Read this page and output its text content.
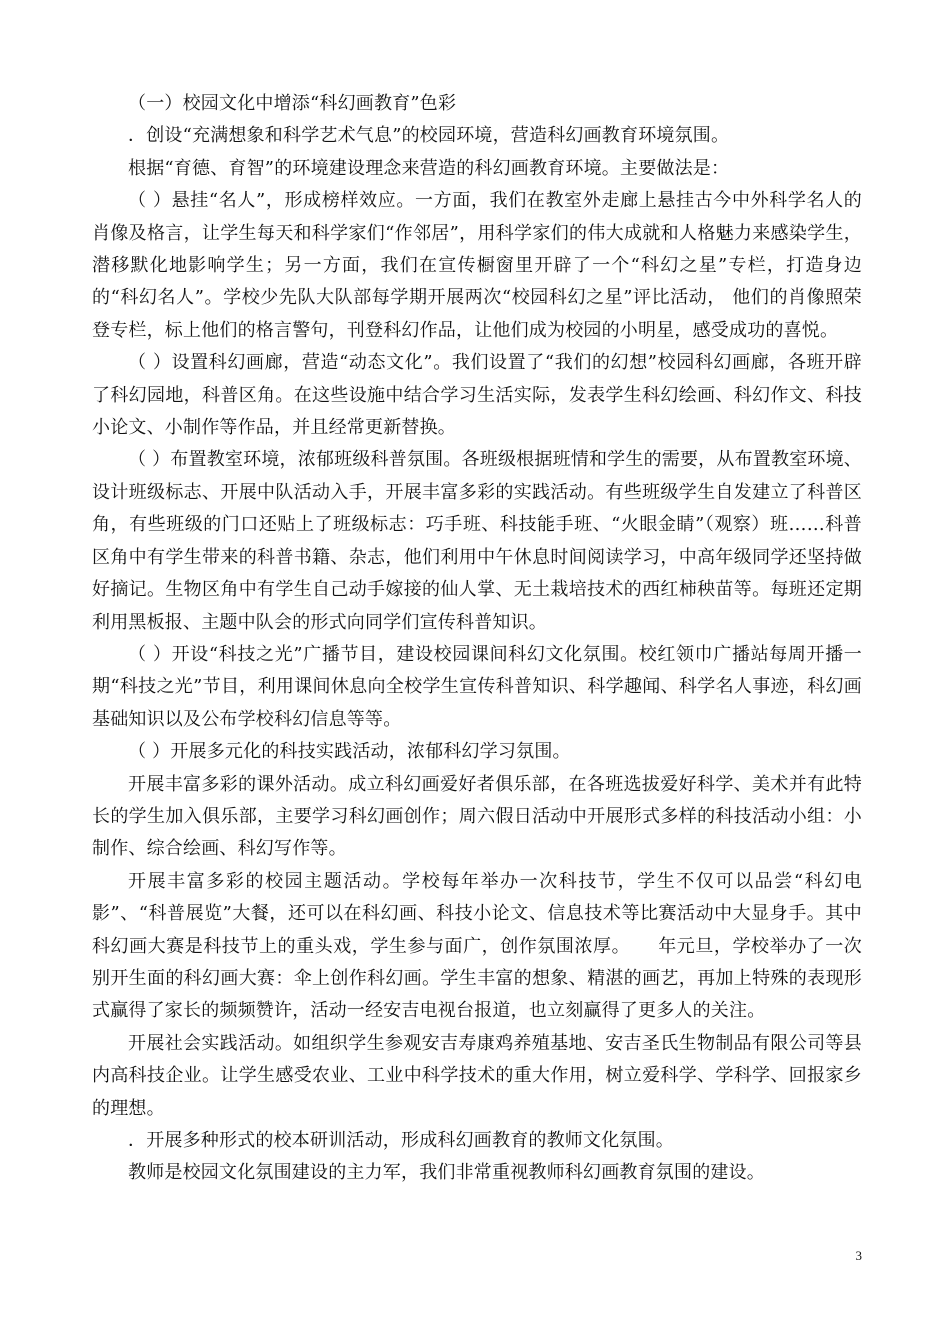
（一）校园文化中增添“科幻画教育”色彩

．创设“充满想象和科学艺术气息”的校园环境，营造科幻画教育环境氛围。

根据“育德、育智”的环境建设理念来营造的科幻画教育环境。主要做法是：

（ ）悬挂“名人”，形成榜样效应。一方面，我们在教室外走廊上悬挂古今中外科学名人的肖像及格言，让学生每天和科学家们“作邻居”，用科学家们的伟大成就和人格魅力来感染学生，潜移默化地影响学生；另一方面，我们在宣传橱窗里开辟了一个“科幻之星”专栏，打造身边的“科幻名人”。学校少先队大队部每学期开展两次“校园科幻之星”评比活动， 他们的肖像照荣登专栏，标上他们的格言警句，刊登科幻作品，让他们成为校园的小明星，感受成功的喜悦。

（ ）设置科幻画廊，营造“动态文化”。我们设置了“我们的幻想”校园科幻画廊，各班开辟了科幻园地，科普区角。在这些设施中结合学习生活实际，发表学生科幻绘画、科幻作文、科技小论文、小制作等作品，并且经常更新替换。

（ ）布置教室环境，浓郁班级科普氛围。各班级根据班情和学生的需要，从布置教室环境、设计班级标志、开展中队活动入手，开展丰富多彩的实践活动。有些班级学生自发建立了科普区角，有些班级的门口还贴上了班级标志：巧手班、科技能手班、“火眼金睛”（观察）班……科普区角中有学生带来的科普书籍、杂志，他们利用中午休息时间阅读学习，中高年级同学还坚持做好摘记。生物区角中有学生自己动手嫁接的仙人掌、无土栽培技术的西红柿秧苗等。每班还定期利用黑板报、主题中队会的形式向同学们宣传科普知识。

（ ）开设“科技之光”广播节目，建设校园课间科幻文化氛围。校红领巾广播站每周开播一期“科技之光”节目，利用课间休息向全校学生宣传科普知识、科学趣闻、科学名人事迹，科幻画基础知识以及公布学校科幻信息等等。

（ ）开展多元化的科技实践活动，浓郁科幻学习氛围。

开展丰富多彩的课外活动。成立科幻画爱好者俱乐部，在各班选拔爱好科学、美术并有此特长的学生加入俱乐部，主要学习科幻画创作；周六假日活动中开展形式多样的科技活动小组：小制作、综合绘画、科幻写作等。

开展丰富多彩的校园主题活动。学校每年举办一次科技节，学生不仅可以品尝“科幻电影”、“科普展览”大餐，还可以在科幻画、科技小论文、信息技术等比赛活动中大显身手。其中科幻画大赛是科技节上的重头戏，学生参与面广，创作氛围浓厚。　　年元旦，学校举办了一次别开生面的科幻画大赛：伞上创作科幻画。学生丰富的想象、精湛的画艺，再加上特殊的表现形式赢得了家长的频频赞许，活动一经安吉电视台报道，也立刻赢得了更多人的关注。

开展社会实践活动。如组织学生参观安吉寿康鸡养殖基地、安吉圣氏生物制品有限公司等县内高科技企业。让学生感受农业、工业中科学技术的重大作用，树立爱科学、学科学、回报家乡的理想。

．开展多种形式的校本研训活动，形成科幻画教育的教师文化氛围。

教师是校园文化氛围建设的主力军，我们非常重视教师科幻画教育氛围的建设。

3
